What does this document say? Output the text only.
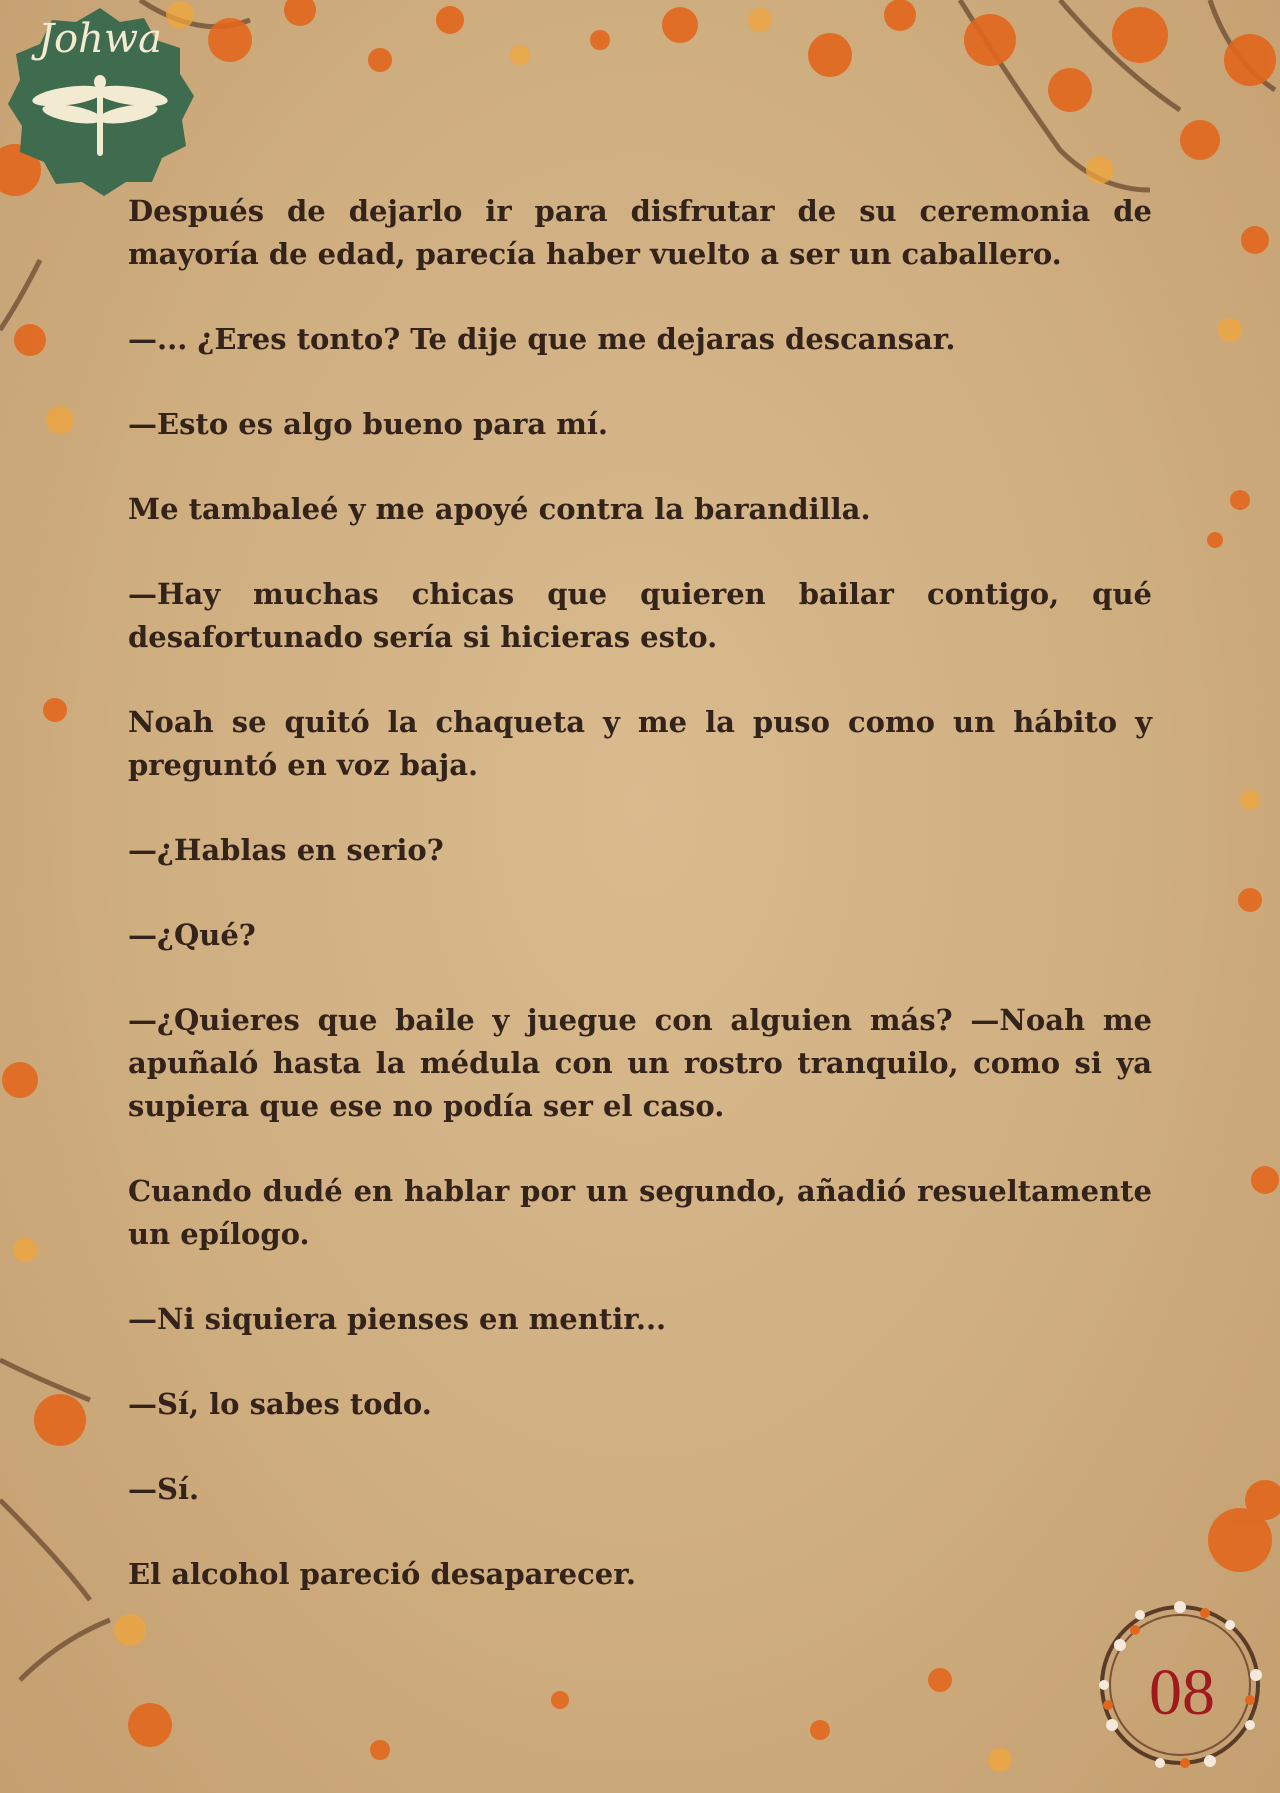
Johwa

Después de dejarlo ir para disfrutar de su ceremonia de mayoría de edad, parecía haber vuelto a ser un caballero.

—... ¿Eres tonto? Te dije que me dejaras descansar.

—Esto es algo bueno para mí.

Me tambaleé y me apoyé contra la barandilla.

—Hay muchas chicas que quieren bailar contigo, qué desafortunado sería si hicieras esto.

Noah se quitó la chaqueta y me la puso como un hábito y preguntó en voz baja.

—¿Hablas en serio?

—¿Qué?

—¿Quieres que baile y juegue con alguien más? —Noah me apuñaló hasta la médula con un rostro tranquilo, como si ya supiera que ese no podía ser el caso.

Cuando dudé en hablar por un segundo, añadió resueltamente un epílogo.

—Ni siquiera pienses en mentir...

—Sí, lo sabes todo.

—Sí.

El alcohol pareció desaparecer.

08
